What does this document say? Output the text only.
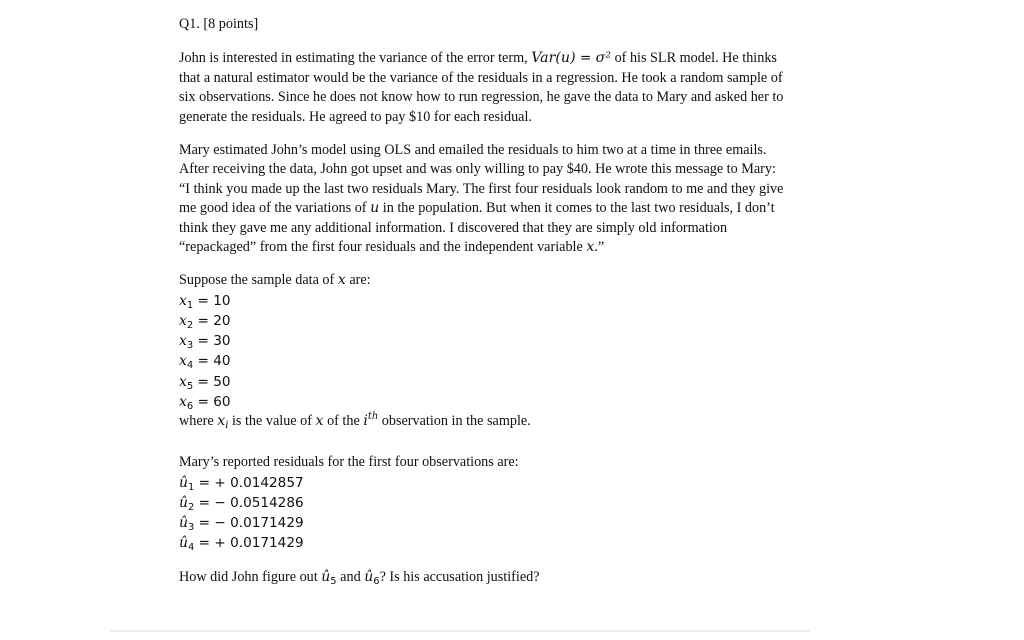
Q1. [8 points]
John is interested in estimating the variance of the error term, Var(u) = σ² of his SLR model. He thinks that a natural estimator would be the variance of the residuals in a regression. He took a random sample of six observations. Since he does not know how to run regression, he gave the data to Mary and asked her to generate the residuals. He agreed to pay $10 for each residual.
Mary estimated John’s model using OLS and emailed the residuals to him two at a time in three emails. After receiving the data, John got upset and was only willing to pay $40. He wrote this message to Mary: “I think you made up the last two residuals Mary. The first four residuals look random to me and they give me good idea of the variations of u in the population. But when it comes to the last two residuals, I don’t think they gave me any additional information. I discovered that they are simply old information “repackaged” from the first four residuals and the independent variable x.”
Suppose the sample data of x are:
$x_1 = 10$
$x_2 = 20$
$x_3 = 30$
$x_4 = 40$
$x_5 = 50$
$x_6 = 60$
where $x_i$ is the value of x of the $i^{th}$ observation in the sample.
Mary’s reported residuals for the first four observations are:
$û_1$ = + 0.0142857
$û_2$ = − 0.0514286
$û_3$ = − 0.0171429
$û_4$ = + 0.0171429
How did John figure out $û_5$ and $û_6$? Is his accusation justified?
